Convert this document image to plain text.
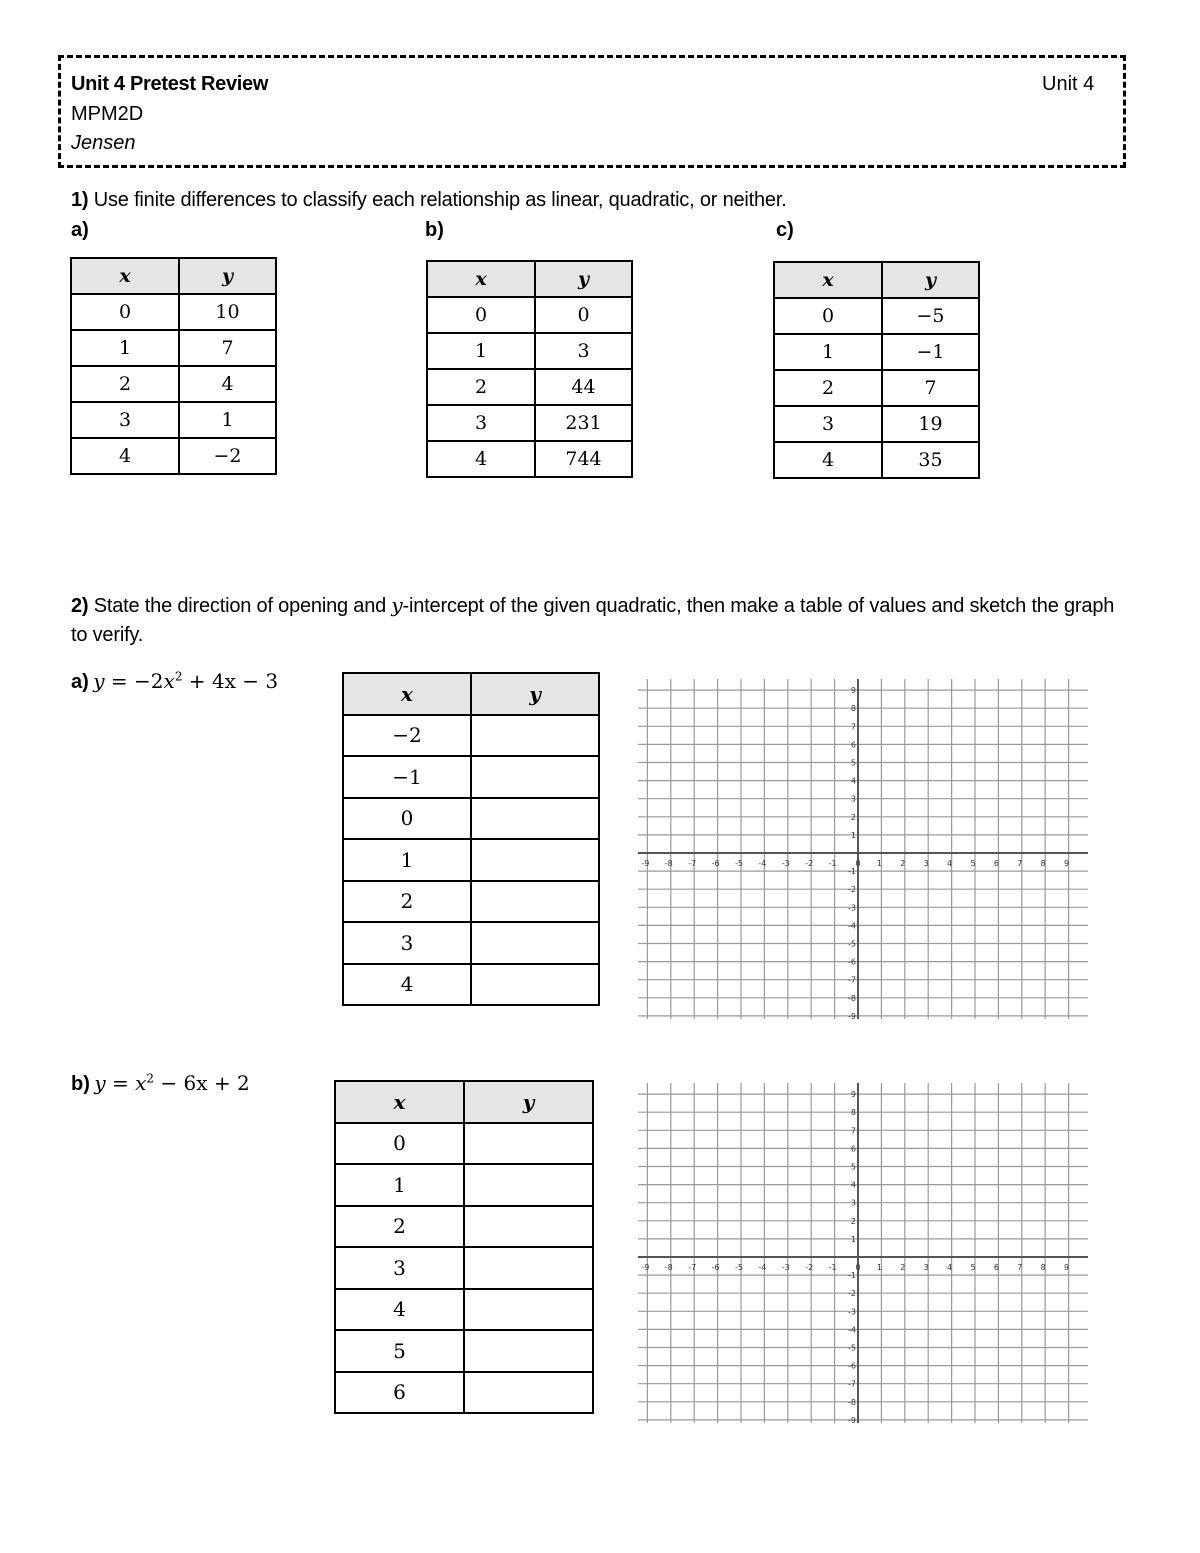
Unit 4 Pretest Review	Unit 4
MPM2D
Jensen
1) Use finite differences to classify each relationship as linear, quadratic, or neither.
a)	b)	c)
x	y
0	10
1	7
2	4
3	1
4	−2
x	y
0	0
1	3
2	44
3	231
4	744
x	y
0	−5
1	−1
2	7
3	19
4	35
2) State the direction of opening and y-intercept of the given quadratic, then make a table of values and sketch the graph to verify.
a) $y = -2x^2 + 4x - 3$
x	y
−2	
−1	
0	
1	
2	
3	
4	
-9 -8 -7 -6 -5 -4 -3 -2 -1 0 1 2 3 4 5 6 7 8 9
9
8
7
6
5
4
3
2
1
-1
-2
-3
-4
-5
-6
-7
-8
-9
b) $y = x^2 - 6x + 2$
x	y
0	
1	
2	
3	
4	
5	
6	
-9 -8 -7 -6 -5 -4 -3 -2 -1 0 1 2 3 4 5 6 7 8 9
9
8
7
6
5
4
3
2
1
-1
-2
-3
-4
-5
-6
-7
-8
-9
